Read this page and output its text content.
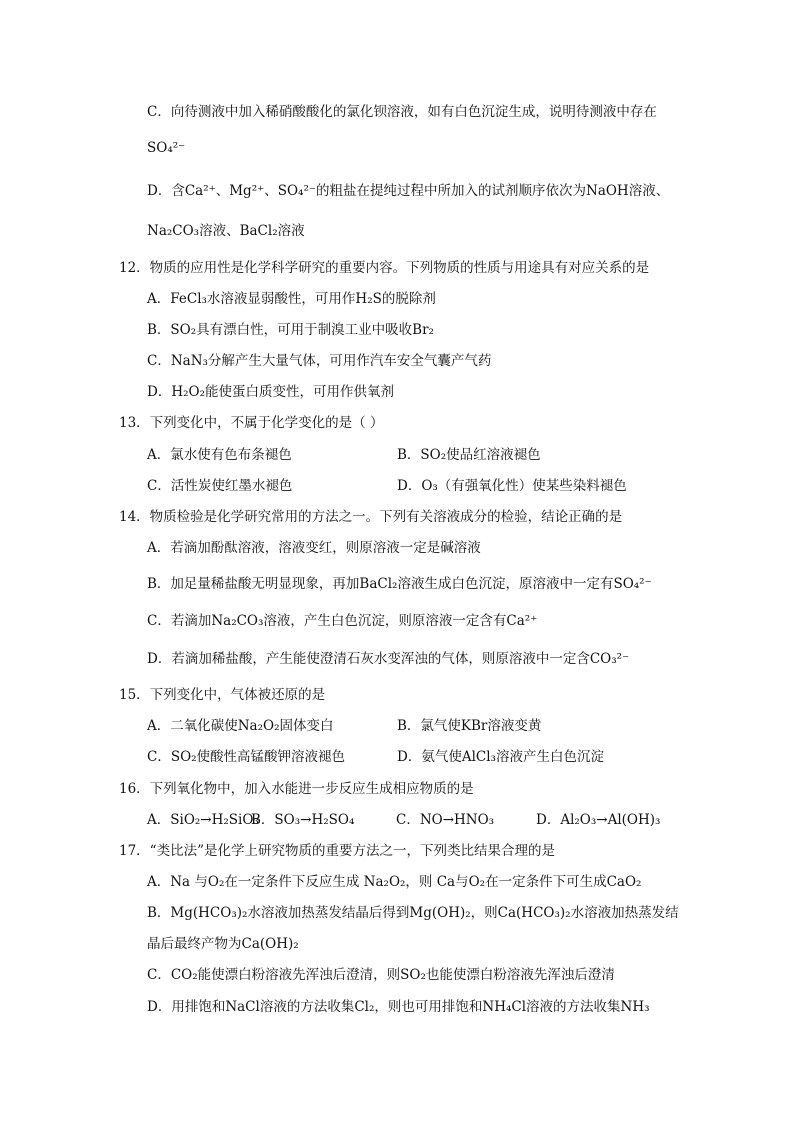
C．向待测液中加入稀硝酸酸化的氯化钡溶液，如有白色沉淀生成，说明待测液中存在
SO₄²⁻
D．含Ca²⁺、Mg²⁺、SO₄²⁻的粗盐在提纯过程中所加入的试剂顺序依次为NaOH溶液、
Na₂CO₃溶液、BaCl₂溶液
12．物质的应用性是化学科学研究的重要内容。下列物质的性质与用途具有对应关系的是
A．FeCl₃水溶液显弱酸性，可用作H₂S的脱除剂
B．SO₂具有漂白性，可用于制溴工业中吸收Br₂
C．NaN₃分解产生大量气体，可用作汽车安全气囊产气药
D．H₂O₂能使蛋白质变性，可用作供氧剂
13．下列变化中，不属于化学变化的是（ ）
A．氯水使有色布条褪色	B．SO₂使品红溶液褪色
C．活性炭使红墨水褪色	D．O₃（有强氧化性）使某些染料褪色
14．物质检验是化学研究常用的方法之一。下列有关溶液成分的检验，结论正确的是
A．若滴加酚酞溶液，溶液变红，则原溶液一定是碱溶液
B．加足量稀盐酸无明显现象，再加BaCl₂溶液生成白色沉淀，原溶液中一定有SO₄²⁻
C．若滴加Na₂CO₃溶液，产生白色沉淀，则原溶液一定含有Ca²⁺
D．若滴加稀盐酸，产生能使澄清石灰水变浑浊的气体，则原溶液中一定含CO₃²⁻
15．下列变化中，气体被还原的是
A．二氧化碳使Na₂O₂固体变白	B．氯气使KBr溶液变黄
C．SO₂使酸性高锰酸钾溶液褪色	D．氨气使AlCl₃溶液产生白色沉淀
16．下列氧化物中，加入水能进一步反应生成相应物质的是
A．SiO₂→H₂SiO₃
B．SO₃→H₂SO₄	C．NO→HNO₃	D．Al₂O₃→Al(OH)₃
17．“类比法”是化学上研究物质的重要方法之一，下列类比结果合理的是
A．Na 与O₂在一定条件下反应生成 Na₂O₂，则 Ca与O₂在一定条件下可生成CaO₂
B．Mg(HCO₃)₂水溶液加热蒸发结晶后得到Mg(OH)₂，则Ca(HCO₃)₂水溶液加热蒸发结
晶后最终产物为Ca(OH)₂
C．CO₂能使漂白粉溶液先浑浊后澄清，则SO₂也能使漂白粉溶液先浑浊后澄清
D．用排饱和NaCl溶液的方法收集Cl₂，则也可用排饱和NH₄Cl溶液的方法收集NH₃
